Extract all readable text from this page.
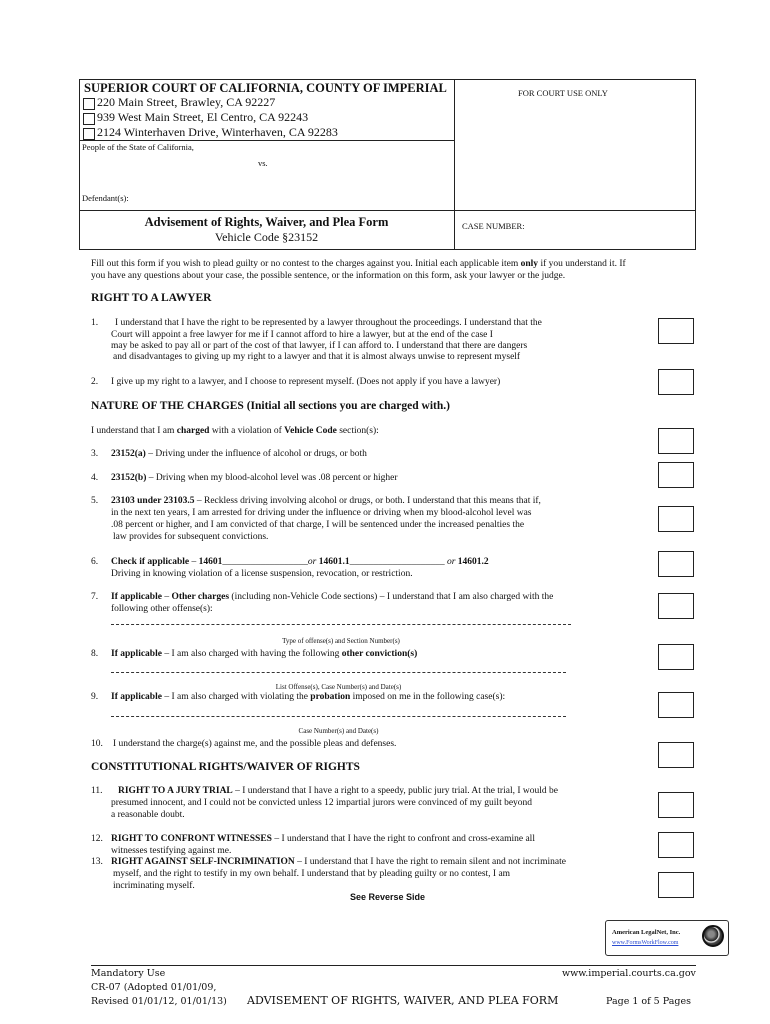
SUPERIOR COURT OF CALIFORNIA, COUNTY OF IMPERIAL
220 Main Street, Brawley, CA 92227
939 West Main Street, El Centro, CA 92243
2124 Winterhaven Drive, Winterhaven, CA 92283
FOR COURT USE ONLY
People of the State of California,
vs.
Defendant(s):
Advisement of Rights, Waiver, and Plea Form
Vehicle Code §23152
CASE NUMBER:
Fill out this form if you wish to plead guilty or no contest to the charges against you. Initial each applicable item only if you understand it. If
you have any questions about your case, the possible sentence, or the information on this form, ask your lawyer or the judge.
RIGHT TO A LAWYER
1. I understand that I have the right to be represented by a lawyer throughout the proceedings. I understand that the
Court will appoint a free lawyer for me if I cannot afford to hire a lawyer, but at the end of the case I
may be asked to pay all or part of the cost of that lawyer, if I can afford to. I understand that there are dangers
and disadvantages to giving up my right to a lawyer and that it is almost always unwise to represent myself
2. I give up my right to a lawyer, and I choose to represent myself. (Does not apply if you have a lawyer)
NATURE OF THE CHARGES (Initial all sections you are charged with.)
I understand that I am charged with a violation of Vehicle Code section(s):
3. 23152(a) – Driving under the influence of alcohol or drugs, or both
4. 23152(b) – Driving when my blood-alcohol level was .08 percent or higher
5. 23103 under 23103.5 – Reckless driving involving alcohol or drugs, or both. I understand that this means that if,
in the next ten years, I am arrested for driving under the influence or driving when my blood-alcohol level was
.08 percent or higher, and I am convicted of that charge, I will be sentenced under the increased penalties the
law provides for subsequent convictions.
6. Check if applicable – 14601__________________or 14601.1____________________ or 14601.2
Driving in knowing violation of a license suspension, revocation, or restriction.
7. If applicable – Other charges (including non-Vehicle Code sections) – I understand that I am also charged with the
following other offense(s):
Type of offense(s) and Section Number(s)
8. If applicable – I am also charged with having the following other conviction(s)
List Offense(s), Case Number(s) and Date(s)
9. If applicable – I am also charged with violating the probation imposed on me in the following case(s):
Case Number(s) and Date(s)
10. I understand the charge(s) against me, and the possible pleas and defenses.
CONSTITUTIONAL RIGHTS/WAIVER OF RIGHTS
11. RIGHT TO A JURY TRIAL – I understand that I have a right to a speedy, public jury trial. At the trial, I would be
presumed innocent, and I could not be convicted unless 12 impartial jurors were convinced of my guilt beyond
a reasonable doubt.
12. RIGHT TO CONFRONT WITNESSES – I understand that I have the right to confront and cross-examine all
witnesses testifying against me.
13. RIGHT AGAINST SELF-INCRIMINATION – I understand that I have the right to remain silent and not incriminate
myself, and the right to testify in my own behalf. I understand that by pleading guilty or no contest, I am
incriminating myself.
See Reverse Side
American LegalNet, Inc.
www.FormsWorkFlow.com
Mandatory Use
CR-07 (Adopted 01/01/09,
Revised 01/01/12, 01/01/13) ADVISEMENT OF RIGHTS, WAIVER, AND PLEA FORM
www.imperial.courts.ca.gov
Page 1 of 5 Pages
